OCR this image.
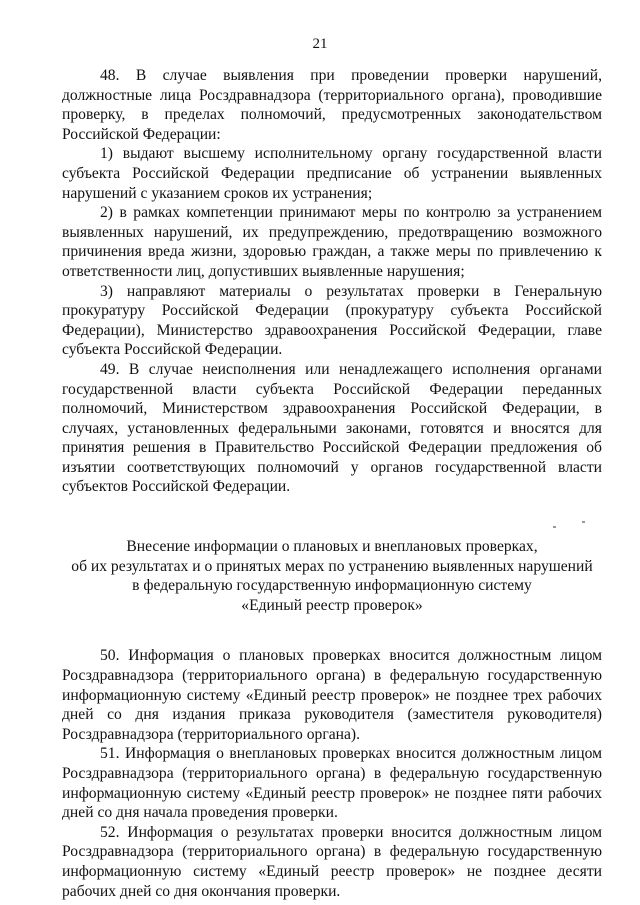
21

48. В случае выявления при проведении проверки нарушений, должностные лица Росздравнадзора (территориального органа), проводившие проверку, в пределах полномочий, предусмотренных законодательством Российской Федерации:

1) выдают высшему исполнительному органу государственной власти субъекта Российской Федерации предписание об устранении выявленных нарушений с указанием сроков их устранения;

2) в рамках компетенции принимают меры по контролю за устранением выявленных нарушений, их предупреждению, предотвращению возможного причинения вреда жизни, здоровью граждан, а также меры по привлечению к ответственности лиц, допустивших выявленные нарушения;

3) направляют материалы о результатах проверки в Генеральную прокуратуру Российской Федерации (прокуратуру субъекта Российской Федерации), Министерство здравоохранения Российской Федерации, главе субъекта Российской Федерации.

49. В случае неисполнения или ненадлежащего исполнения органами государственной власти субъекта Российской Федерации переданных полномочий, Министерством здравоохранения Российской Федерации, в случаях, установленных федеральными законами, готовятся и вносятся для принятия решения в Правительство Российской Федерации предложения об изъятии соответствующих полномочий у органов государственной власти субъектов Российской Федерации.

Внесение информации о плановых и внеплановых проверках,
об их результатах и о принятых мерах по устранению выявленных нарушений
в федеральную государственную информационную систему
«Единый реестр проверок»

50. Информация о плановых проверках вносится должностным лицом Росздравнадзора (территориального органа) в федеральную государственную информационную систему «Единый реестр проверок» не позднее трех рабочих дней со дня издания приказа руководителя (заместителя руководителя) Росздравнадзора (территориального органа).

51. Информация о внеплановых проверках вносится должностным лицом Росздравнадзора (территориального органа) в федеральную государственную информационную систему «Единый реестр проверок» не позднее пяти рабочих дней со дня начала проведения проверки.

52. Информация о результатах проверки вносится должностным лицом Росздравнадзора (территориального органа) в федеральную государственную информационную систему «Единый реестр проверок» не позднее десяти рабочих дней со дня окончания проверки.
